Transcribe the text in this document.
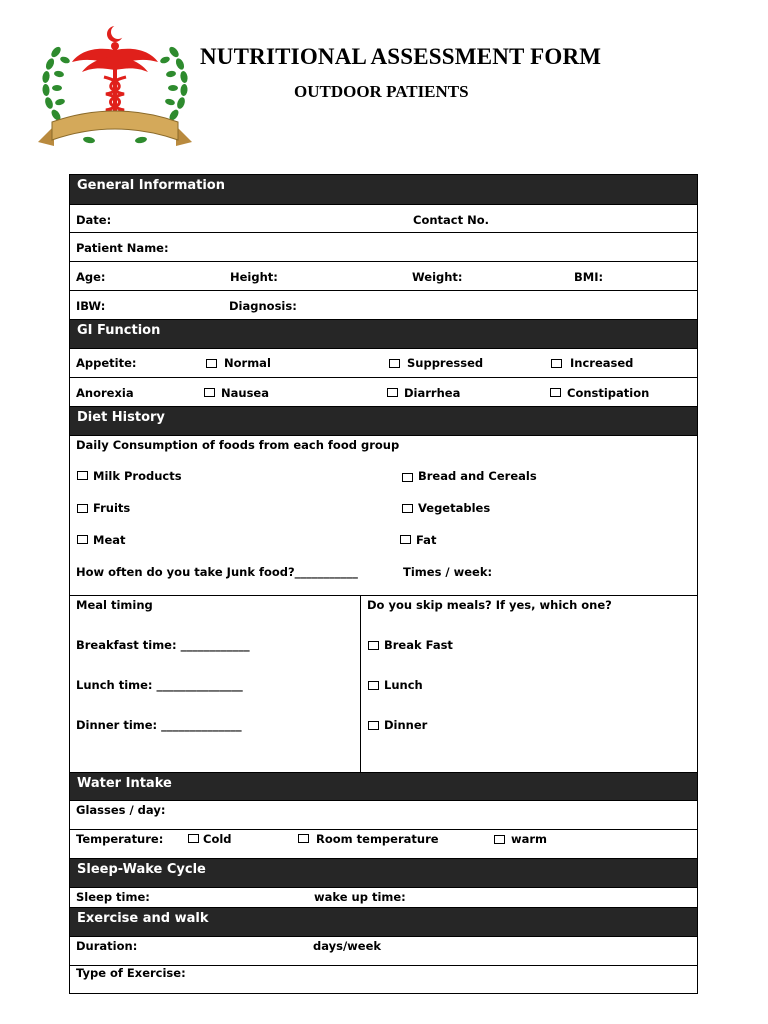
NUTRITIONAL ASSESSMENT FORM
OUTDOOR PATIENTS
General Information
Date:	Contact No.
Patient Name:
Age:	Height:	Weight:	BMI:
IBW:	Diagnosis:
GI Function
Appetite:	Normal	Suppressed	Increased
Anorexia	Nausea	Diarrhea	Constipation
Diet History
Daily Consumption of foods from each food group
Milk Products	Bread and Cereals
Fruits	Vegetables
Meat	Fat
How often do you take Junk food?___________	Times / week:
Meal timing
Breakfast time: ____________
Lunch time: _______________
Dinner time: ______________
Do you skip meals? If yes, which one?
Break Fast
Lunch
Dinner
Water Intake
Glasses / day:
Temperature:	Cold	Room temperature	warm
Sleep-Wake Cycle
Sleep time:	wake up time:
Exercise and walk
Duration:	days/week
Type of Exercise:
